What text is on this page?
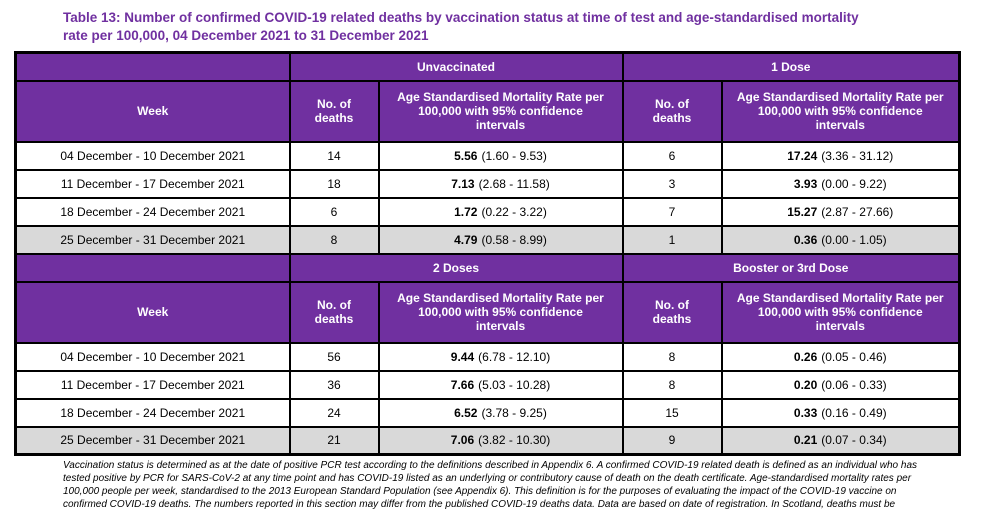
Table 13: Number of confirmed COVID-19 related deaths by vaccination status at time of test and age-standardised mortality rate per 100,000, 04 December 2021 to 31 December 2021
	Unvaccinated		1 Dose	
Week	No. of deaths	Age Standardised Mortality Rate per 100,000 with 95% confidence intervals	No. of deaths	Age Standardised Mortality Rate per 100,000 with 95% confidence intervals
04 December - 10 December 2021	14	5.56 (1.60 - 9.53)	6	17.24 (3.36 - 31.12)
11 December - 17 December 2021	18	7.13 (2.68 - 11.58)	3	3.93 (0.00 - 9.22)
18 December - 24 December 2021	6	1.72 (0.22 - 3.22)	7	15.27 (2.87 - 27.66)
25 December - 31 December 2021	8	4.79 (0.58 - 8.99)	1	0.36 (0.00 - 1.05)
	2 Doses		Booster or 3rd Dose	
Week	No. of deaths	Age Standardised Mortality Rate per 100,000 with 95% confidence intervals	No. of deaths	Age Standardised Mortality Rate per 100,000 with 95% confidence intervals
04 December - 10 December 2021	56	9.44 (6.78 - 12.10)	8	0.26 (0.05 - 0.46)
11 December - 17 December 2021	36	7.66 (5.03 - 10.28)	8	0.20 (0.06 - 0.33)
18 December - 24 December 2021	24	6.52 (3.78 - 9.25)	15	0.33 (0.16 - 0.49)
25 December - 31 December 2021	21	7.06 (3.82 - 10.30)	9	0.21 (0.07 - 0.34)
Vaccination status is determined as at the date of positive PCR test according to the definitions described in Appendix 6. A confirmed COVID-19 related death is defined as an individual who has
tested positive by PCR for SARS-CoV-2 at any time point and has COVID-19 listed as an underlying or contributory cause of death on the death certificate. Age-standardised mortality rates per
100,000 people per week, standardised to the 2013 European Standard Population (see Appendix 6). This definition is for the purposes of evaluating the impact of the COVID-19 vaccine on
confirmed COVID-19 deaths. The numbers reported in this section may differ from the published COVID-19 deaths data. Data are based on date of registration. In Scotland, deaths must be
